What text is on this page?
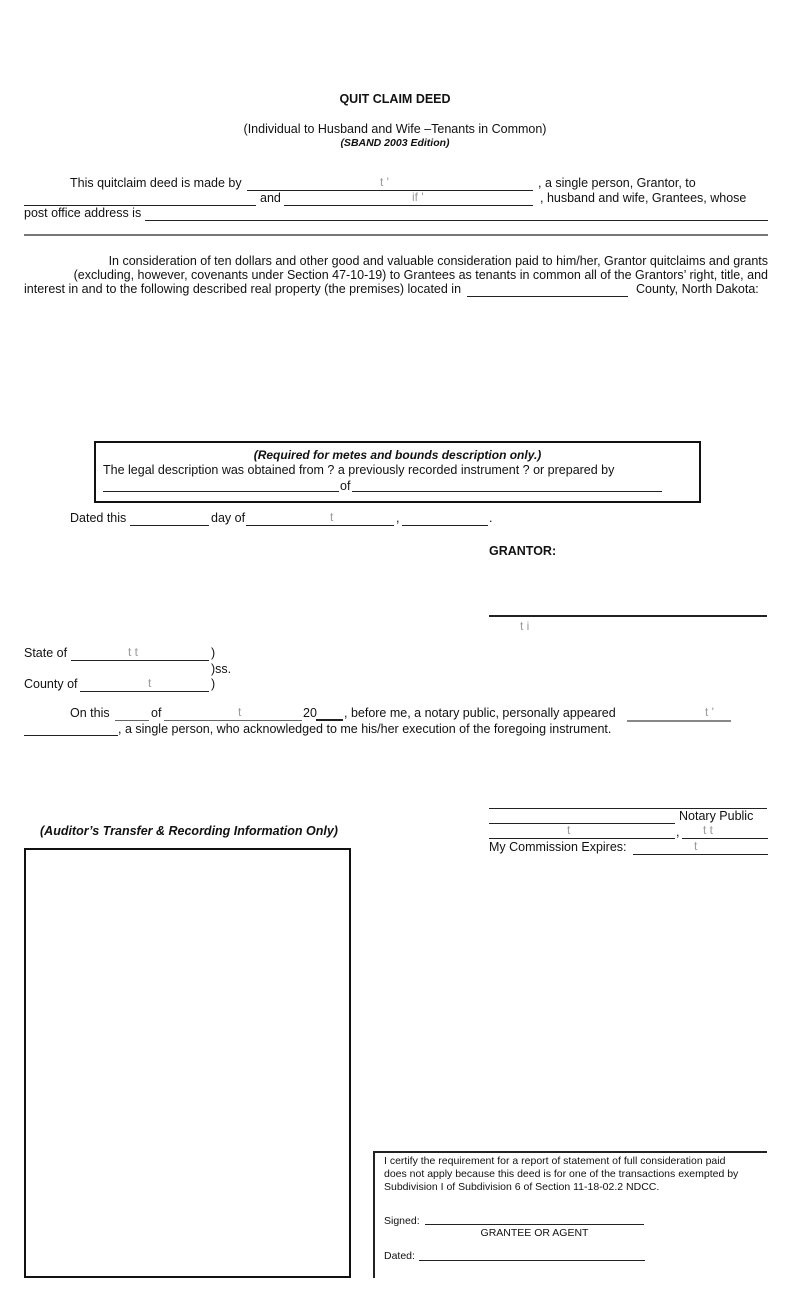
QUIT CLAIM DEED
(Individual to Husband and Wife –Tenants in Common)
(SBAND 2003 Edition)
This quitclaim deed is made by	t '	, a single person, Grantor, to
and	if '	, husband and wife, Grantees, whose
post office address is
In consideration of ten dollars and other good and valuable consideration paid to him/her, Grantor quitclaims and grants
(excluding, however, covenants under Section 47-10-19) to Grantees as tenants in common all of the Grantors’ right, title, and
interest in and to the following described real property (the premises) located in	County, North Dakota:
(Required for metes and bounds description only.)
The legal description was obtained from ? a previously recorded instrument ? or prepared by
of
Dated this	day of	t	,	.
GRANTOR:
t i
State of	t t	)
)ss.
County of	t	)
On this	of	t	20 , before me, a notary public, personally appeared	t '
, a single person, who acknowledged to me his/her execution of the foregoing instrument.
Notary Public
t	, t t
My Commission Expires:	t
(Auditor’s Transfer & Recording Information Only)
I certify the requirement for a report of statement of full consideration paid
does not apply because this deed is for one of the transactions exempted by
Subdivision I of Subdivision 6 of Section 11-18-02.2 NDCC.
Signed:
GRANTEE OR AGENT
Dated:
